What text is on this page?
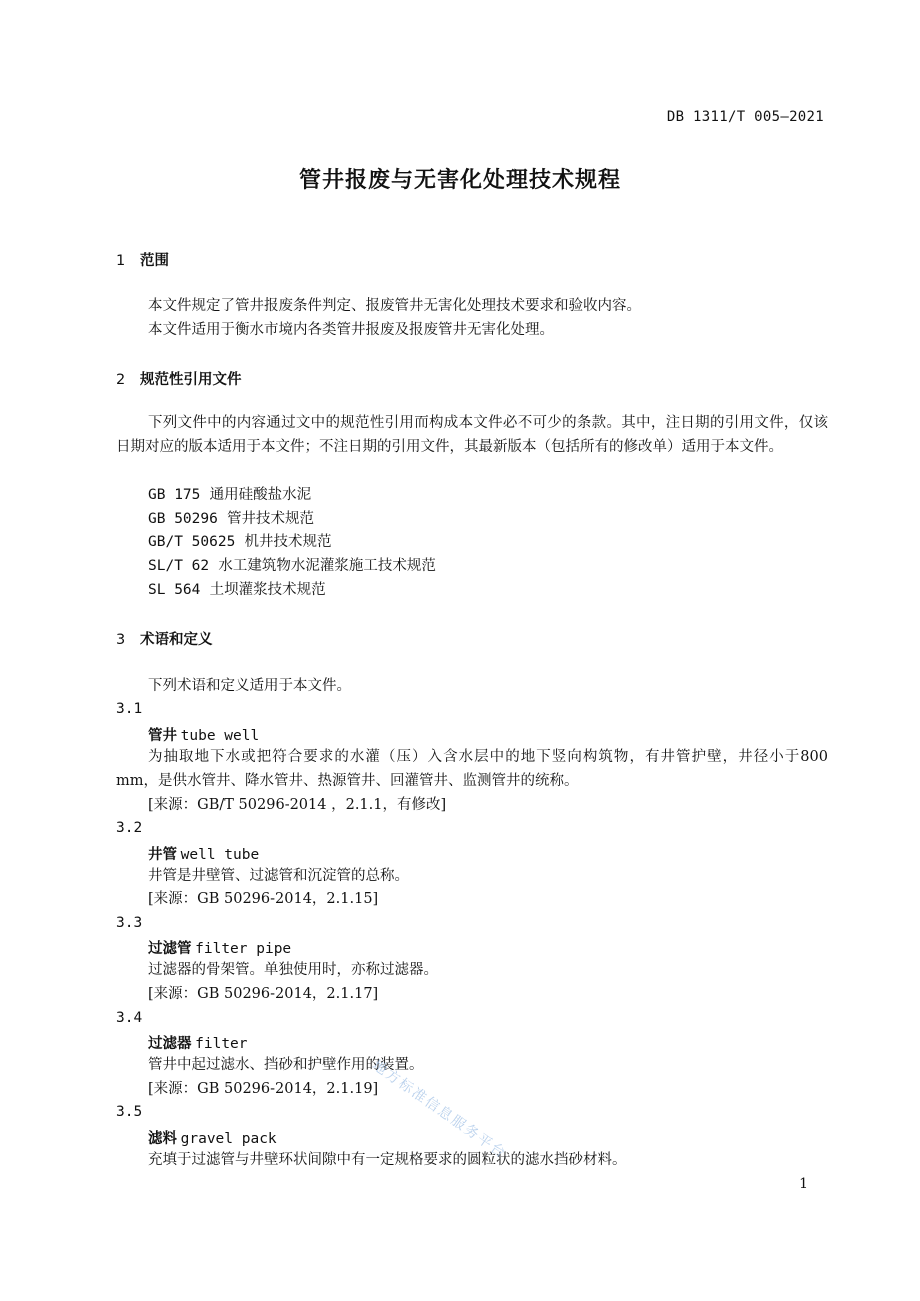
DB 1311/T 005—2021
管井报废与无害化处理技术规程
1 范围
本文件规定了管井报废条件判定、报废管井无害化处理技术要求和验收内容。
本文件适用于衡水市境内各类管井报废及报废管井无害化处理。
2 规范性引用文件
下列文件中的内容通过文中的规范性引用而构成本文件必不可少的条款。其中，注日期的引用文件，仅该日期对应的版本适用于本文件；不注日期的引用文件，其最新版本（包括所有的修改单）适用于本文件。
GB 175 通用硅酸盐水泥
GB 50296 管井技术规范
GB/T 50625 机井技术规范
SL/T 62 水工建筑物水泥灌浆施工技术规范
SL 564 土坝灌浆技术规范
3 术语和定义
下列术语和定义适用于本文件。
3.1
管井 tube well
为抽取地下水或把符合要求的水灌（压）入含水层中的地下竖向构筑物，有井管护壁，井径小于800 mm，是供水管井、降水管井、热源管井、回灌管井、监测管井的统称。
[来源：GB/T 50296-2014 ，2.1.1，有修改]
3.2
井管 well tube
井管是井壁管、过滤管和沉淀管的总称。
[来源：GB 50296-2014，2.1.15]
3.3
过滤管 filter pipe
过滤器的骨架管。单独使用时，亦称过滤器。
[来源：GB 50296-2014，2.1.17]
3.4
过滤器 filter
管井中起过滤水、挡砂和护壁作用的装置。
[来源：GB 50296-2014，2.1.19]
3.5
滤料 gravel pack
充填于过滤管与井壁环状间隙中有一定规格要求的圆粒状的滤水挡砂材料。
地方标准信息服务平台
1
